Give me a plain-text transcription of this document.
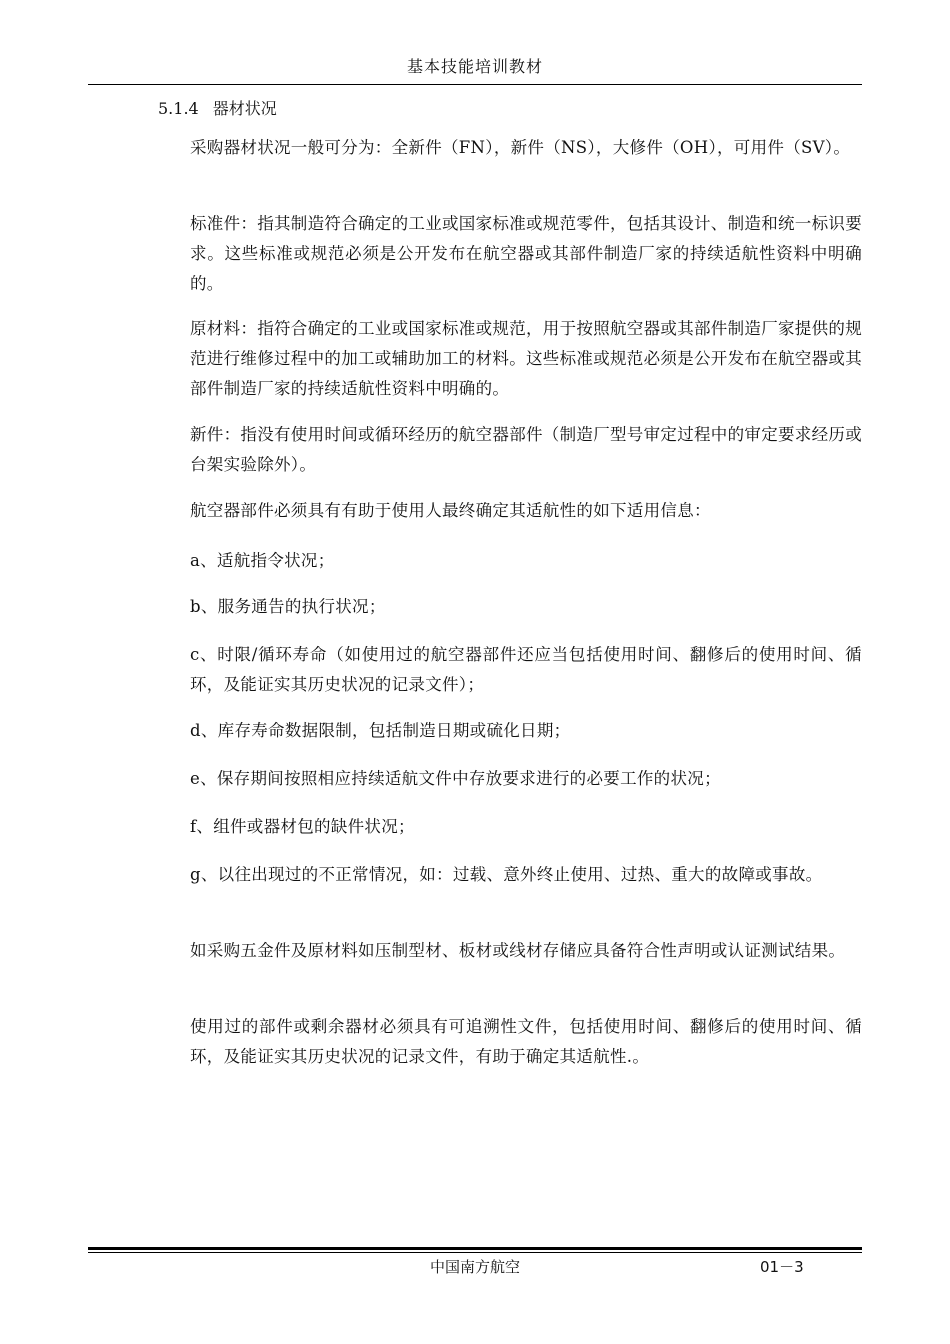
基本技能培训教材
5.1.4 器材状况

采购器材状况一般可分为：全新件（FN），新件（NS），大修件（OH），可用件（SV）。

标准件：指其制造符合确定的工业或国家标准或规范零件，包括其设计、制造和统一标识要求。这些标准或规范必须是公开发布在航空器或其部件制造厂家的持续适航性资料中明确的。

原材料：指符合确定的工业或国家标准或规范，用于按照航空器或其部件制造厂家提供的规范进行维修过程中的加工或辅助加工的材料。这些标准或规范必须是公开发布在航空器或其部件制造厂家的持续适航性资料中明确的。

新件：指没有使用时间或循环经历的航空器部件（制造厂型号审定过程中的审定要求经历或台架实验除外）。

航空器部件必须具有有助于使用人最终确定其适航性的如下适用信息：

a、适航指令状况；

b、服务通告的执行状况；

c、时限/循环寿命（如使用过的航空器部件还应当包括使用时间、翻修后的使用时间、循环，及能证实其历史状况的记录文件）；

d、库存寿命数据限制，包括制造日期或硫化日期；

e、保存期间按照相应持续适航文件中存放要求进行的必要工作的状况；

f、组件或器材包的缺件状况；

g、以往出现过的不正常情况，如：过载、意外终止使用、过热、重大的故障或事故。

如采购五金件及原材料如压制型材、板材或线材存储应具备符合性声明或认证测试结果。

使用过的部件或剩余器材必须具有可追溯性文件，包括使用时间、翻修后的使用时间、循环，及能证实其历史状况的记录文件，有助于确定其适航性.。

中国南方航空	01－3
